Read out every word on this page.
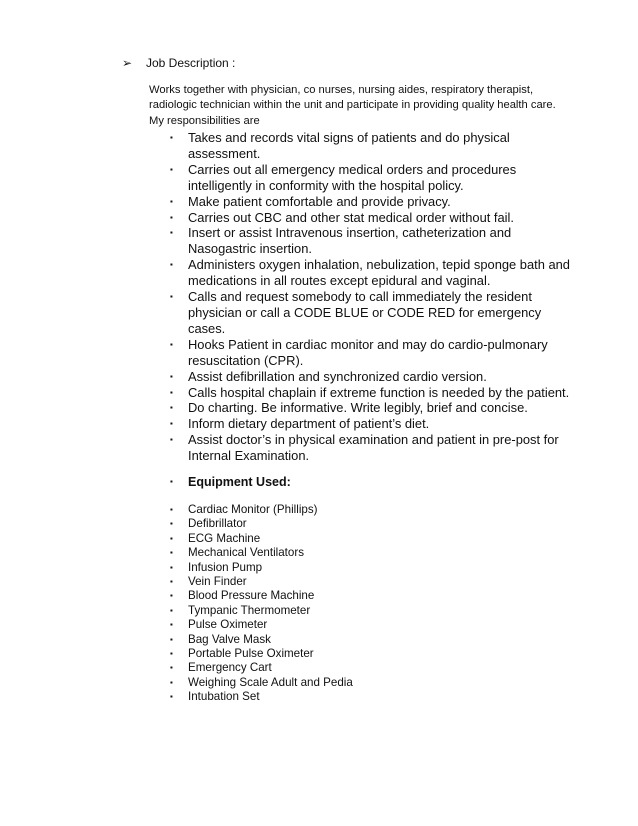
➢ Job Description :
Works together with physician, co nurses, nursing aides, respiratory therapist, radiologic technician within the unit and participate in providing quality health care. My responsibilities are
▪	Takes and records vital signs of patients and do physical assessment.
▪	Carries out all emergency medical orders and procedures intelligently in conformity with the hospital policy.
▪	Make patient comfortable and provide privacy.
▪	Carries out CBC and other stat medical order without fail.
▪	Insert or assist Intravenous insertion, catheterization and Nasogastric insertion.
▪	Administers oxygen inhalation, nebulization, tepid sponge bath and medications in all routes except epidural and vaginal.
▪	Calls and request somebody to call immediately the resident physician or call a CODE BLUE or CODE RED for emergency cases.
▪	Hooks Patient in cardiac monitor and may do cardio-pulmonary resuscitation (CPR).
▪	Assist defibrillation and synchronized cardio version.
▪	Calls hospital chaplain if extreme function is needed by the patient.
▪	Do charting. Be informative. Write legibly, brief and concise.
▪	Inform dietary department of patient’s diet.
▪	Assist doctor’s in physical examination and patient in pre-post for Internal Examination.
▪	Equipment Used:
▪	Cardiac Monitor (Phillips)
▪	Defibrillator
▪	ECG Machine
▪	Mechanical Ventilators
▪	Infusion Pump
▪	Vein Finder
▪	Blood Pressure Machine
▪	Tympanic Thermometer
▪	Pulse Oximeter
▪	Bag Valve Mask
▪	Portable Pulse Oximeter
▪	Emergency Cart
▪	Weighing Scale Adult and Pedia
▪	Intubation Set
